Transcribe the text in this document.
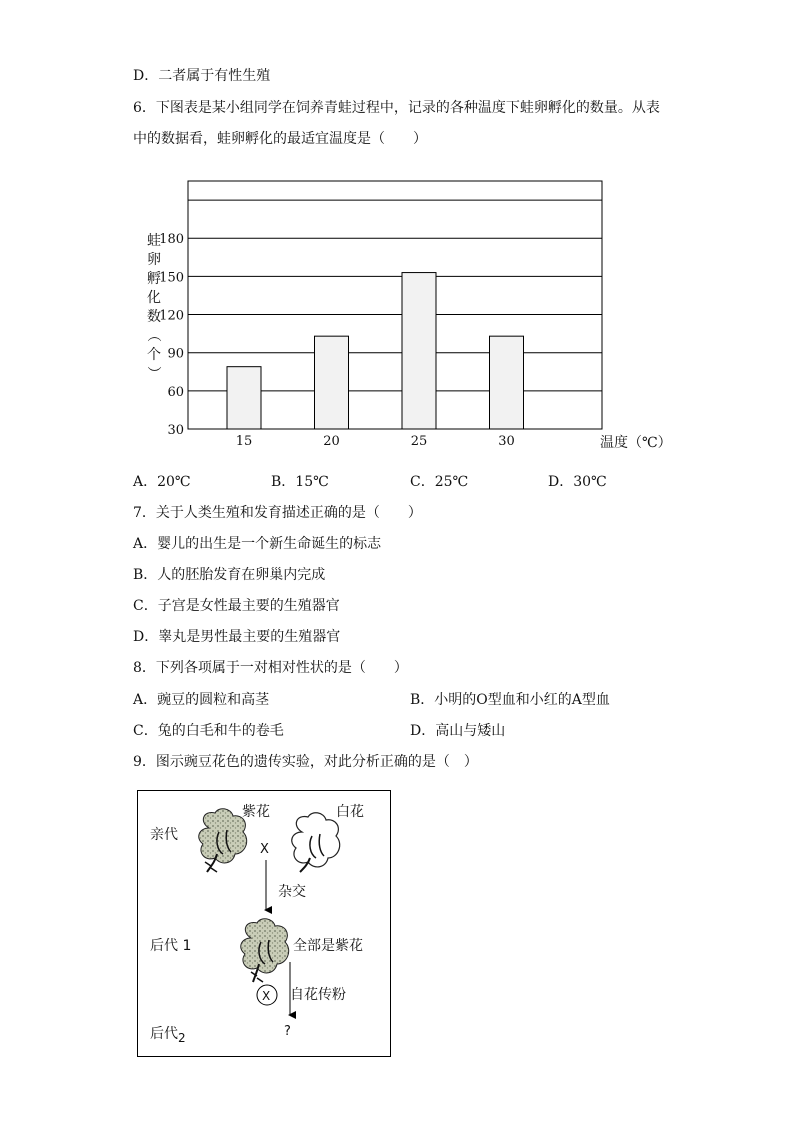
D．二者属于有性生殖
6．下图表是某小组同学在饲养青蛙过程中，记录的各种温度下蛙卵孵化的数量。从表
中的数据看，蛙卵孵化的最适宜温度是（　　）
30
60
90
120
150
180
15	20	25	30
蛙
卵
孵
化
数
（
个
）
温度（℃）
A．20℃	B．15℃	C．25℃	D．30℃
7．关于人类生殖和发育描述正确的是（　　）
A．婴儿的出生是一个新生命诞生的标志
B．人的胚胎发育在卵巢内完成
C．子宫是女性最主要的生殖器官
D．睾丸是男性最主要的生殖器官
8．下列各项属于一对相对性状的是（　　）
A．豌豆的圆粒和高茎	B．小明的O型血和小红的A型血
C．兔的白毛和牛的卷毛	D．高山与矮山
9．图示豌豆花色的遗传实验，对此分析正确的是（　）
亲代
紫花	白花
X
杂交
后代 1	全部是紫花
X 自花传粉
后代2	?
